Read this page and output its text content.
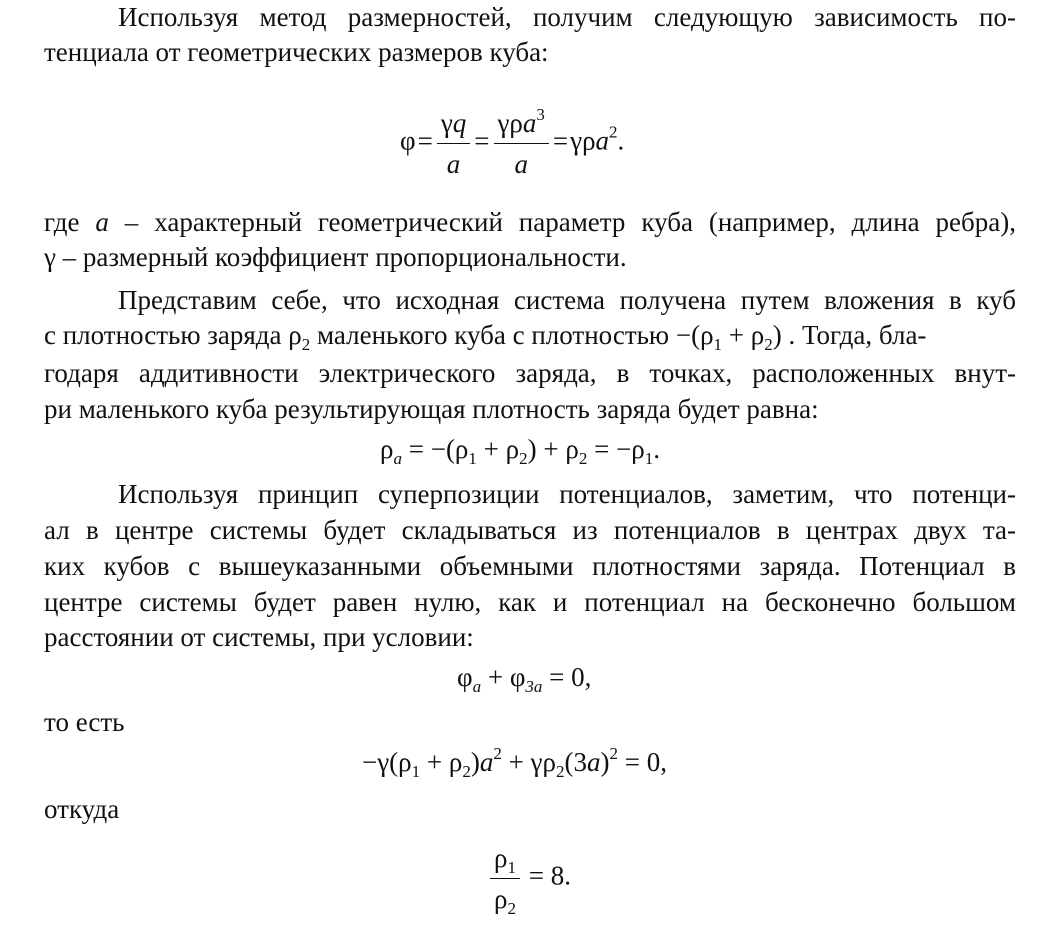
Используя метод размерностей, получим следующую зависимость по-
тенциала от геометрических размеров куба:
$\varphi= \frac{\gamma q}{a} = \frac{\gamma\rho a^3}{a} =\gamma\rho a^2$.
где a – характерный геометрический параметр куба (например, длина ребра),
γ – размерный коэффициент пропорциональности.
Представим себе, что исходная система получена путем вложения в куб
с плотностью заряда $\rho_2$ маленького куба с плотностью $-(\rho_1 + \rho_2)$ . Тогда, бла-
годаря аддитивности электрического заряда, в точках, расположенных внут-
ри маленького куба результирующая плотность заряда будет равна:
$\rho_a = -(\rho_1 + \rho_2) + \rho_2 = -\rho_1$.
Используя принцип суперпозиции потенциалов, заметим, что потенци-
ал в центре системы будет складываться из потенциалов в центрах двух та-
ких кубов с вышеуказанными объемными плотностями заряда. Потенциал в
центре системы будет равен нулю, как и потенциал на бесконечно большом
расстоянии от системы, при условии:
$\varphi_a + \varphi_{3a} = 0$,
то есть
$-\gamma(\rho_1 + \rho_2)a^2 + \gamma\rho_2(3a)^2 = 0$,
откуда
$\frac{\rho_1}{\rho_2} = 8$.
